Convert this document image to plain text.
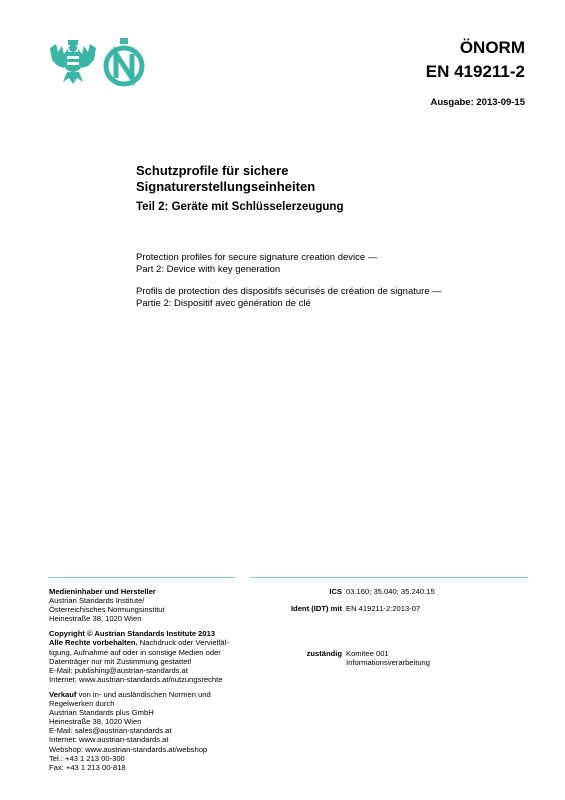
ÖNORM
EN 419211-2
Ausgabe: 2013-09-15
Schutzprofile für sichere
Signaturerstellungseinheiten
Teil 2: Geräte mit Schlüsselerzeugung
Protection profiles for secure signature creation device —
Part 2: Device with key generation
Profils de protection des dispositifs sécurisés de création de signature —
Partie 2: Dispositif avec génération de clé

Medieninhaber und Hersteller
Austrian Standards Institute/
Österreichisches Normungsinstitut
Heinestraße 38, 1020 Wien

Copyright © Austrian Standards Institute 2013
Alle Rechte vorbehalten. Nachdruck oder Vervielfäl-
tigung, Aufnahme auf oder in sonstige Medien oder
Datenträger nur mit Zustimmung gestattet!
E-Mail: publishing@austrian-standards.at
Internet: www.austrian-standards.at/nutzungsrechte

Verkauf von in- und ausländischen Normen und
Regelwerken durch
Austrian Standards plus GmbH
Heinestraße 38, 1020 Wien
E-Mail: sales@austrian-standards.at
Internet: www.austrian-standards.at
Webshop: www.austrian-standards.at/webshop
Tel.: +43 1 213 00-300
Fax: +43 1 213 00-818

ICS 03.160; 35.040; 35.240.15
Ident (IDT) mit EN 419211-2:2013-07
zuständig Komitee 001
Informationsverarbeitung
